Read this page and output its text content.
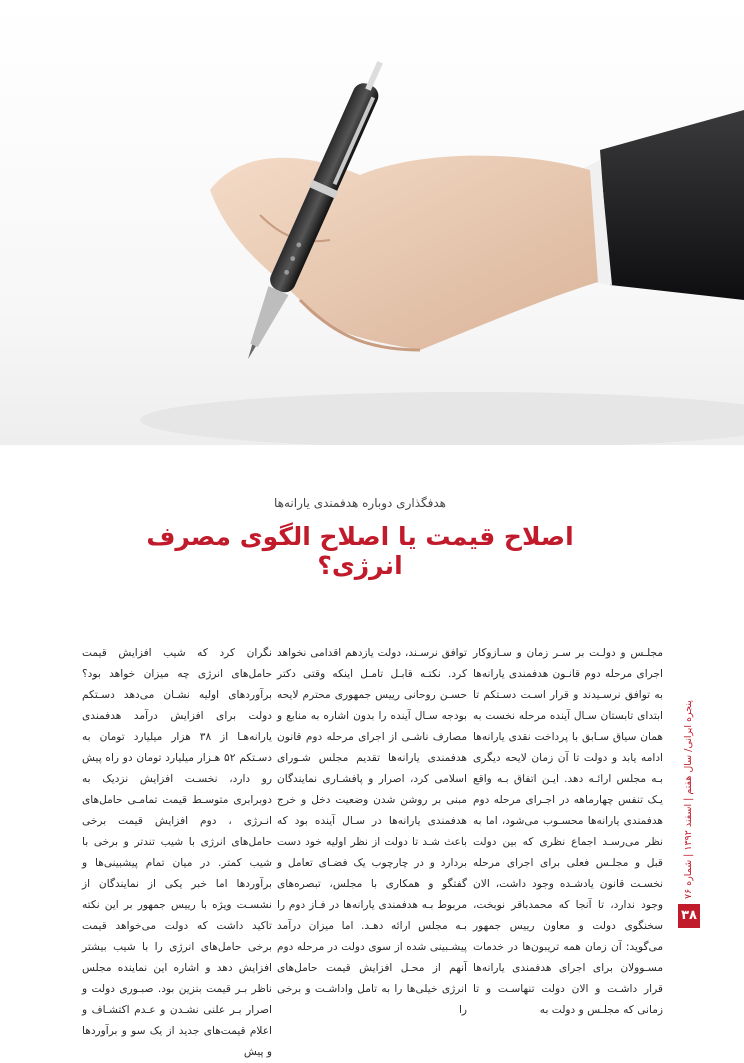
هدفگذاری دوباره هدفمندی یارانه‌ها
اصلاح قیمت یا اصلاح الگوی مصرف انرژی؟

مجلـس و دولـت بر سـر زمان و سـازوکار اجرای مرحله دوم قانـون هدفمندی یارانه‌ها به توافق نرسـیدند و قرار اسـت دسـتکم تا ابتدای تابستان سـال آینده مرحله نخست به همان سیاق سـابق با پرداخت نقدی یارانه‌ها ادامه یابد و دولت تا آن زمان لایحه دیگری بـه مجلس ارائـه دهد. ایـن اتفاق بـه واقع یـک تنفس چهارماهه در اجـرای مرحله دوم هدفمندی یارانه‌ها محسـوب می‌شود، اما به نظر می‌رسـد اجماع نظری که بین دولت قبل و مجلـس فعلی برای اجرای مرحله نخسـت قانون یادشـده وجود داشت، الان وجود ندارد، تا آنجا که محمدباقر نوبخت، سخنگوی دولت و معاون رییس جمهور می‌گوید: آن زمان همه تریبون‌ها در خدمات مسـوولان برای اجرای هدفمندی یارانه‌ها قرار داشـت و الان دولت تنهاسـت و تا زمانی که مجلـس و دولت به

توافق نرسـند، دولت یازدهم اقدامی نخواهد کرد. نکتـه قابـل تامـل اینکه وقتی دکتر حسـن روحانی رییس جمهوری محترم لایحه بودجه سـال آینده را بدون اشاره به منابع و مصارف ناشـی از اجرای مرحله دوم قانون هدفمندی یارانه‌ها تقدیم مجلس شـورای اسلامی کرد، اصرار و پافشـاری نمایندگان مبنی بر روشن شدن وضعیت دخل و خرج هدفمندی یارانه‌ها در سـال آینده بود که باعث شـد تا دولت از نظر اولیه خود دست بردارد و در چارچوب یک فضـای تعامل و گفتگو و همکاری با مجلس، تبصره‌های مربوط بـه هدفمندی یارانه‌ها در فـاز دوم را بـه مجلس ارائه دهـد. اما میزان درآمد پیشـبینی شده از سوی دولت در مرحله دوم آنهم از محـل افزایش قیمت حامل‌های انرژی خیلی‌ها را به تامل واداشـت و برخی را

نگران کرد که شیب افزایش قیمت حامل‌های انرژی چه میزان خواهد بود؟ برآوردهای اولیه نشـان می‌دهد دسـتکم دولت برای افزایش درآمد هدفمندی یارانه‌هـا از ۳۸ هزار میلیارد تومان به دسـتکم ۵۲ هـزار میلیارد تومان دو راه پیش رو دارد، نخسـت افزایش نزدیک به دوبرابری متوسـط قیمت تمامـی حامل‌های انـرژی ، دوم افزایش قیمت برخی حامل‌های انرژی با شیب تندتر و برخی با شیب کمتر. در میان تمام پیشبینی‌ها و برآوردها اما خبر یکی از نمایندگان از نشسـت ویژه با رییس جمهور بر این نکته تاکید داشت که دولت می‌خواهد قیمت برخی حامل‌های انرژی را با شیب بیشتر افزایش دهد و اشاره این نماینده مجلس ناظر بـر قیمت بنزین بود. صبـوری دولت و اصرار بـر علنی نشـدن و عـدم اکتشـاف و اعلام قیمت‌های جدید از یک سو و برآوردها و پیش

پنجره ایرانی/ سال هفتم | اسفند ۱۳۹۲ | شماره ۷۶
۳۸
